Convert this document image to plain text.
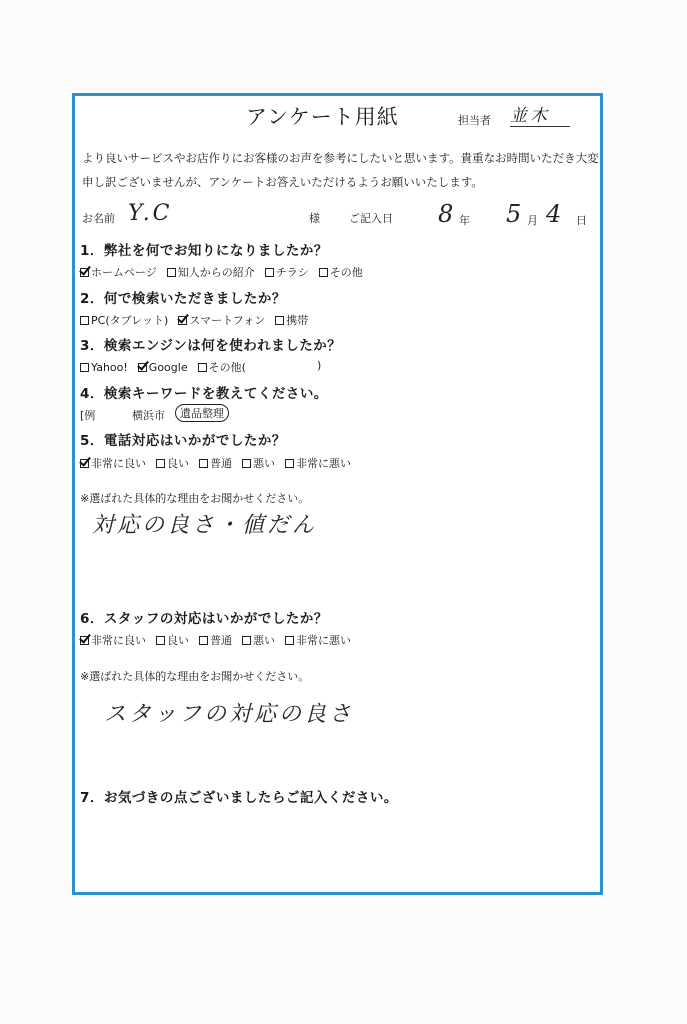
アンケート用紙	担当者 並木
より良いサービスやお店作りにお客様のお声を参考にしたいと思います。貴重なお時間いただき大変
申し訳ございませんが、アンケートお答えいただけるようお願いいたします。
お名前 Y.C	様	ご記入日 8 年 5 月 4 日
1．弊社を何でお知りになりましたか？
ホームページ 知人からの紹介 チラシ その他
2．何で検索いただきましたか？
PC(タブレット) スマートフォン 携帯
3．検索エンジンは何を使われましたか？
Yahoo! Google その他(	)
4．検索キーワードを教えてください。
[例	横浜市	遺品整理
5．電話対応はいかがでしたか？
非常に良い 良い 普通 悪い 非常に悪い
※選ばれた具体的な理由をお聞かせください。
対応の良さ・値だん
6．スタッフの対応はいかがでしたか？
非常に良い 良い 普通 悪い 非常に悪い
※選ばれた具体的な理由をお聞かせください。
スタッフの対応の良さ
7．お気づきの点ございましたらご記入ください。
